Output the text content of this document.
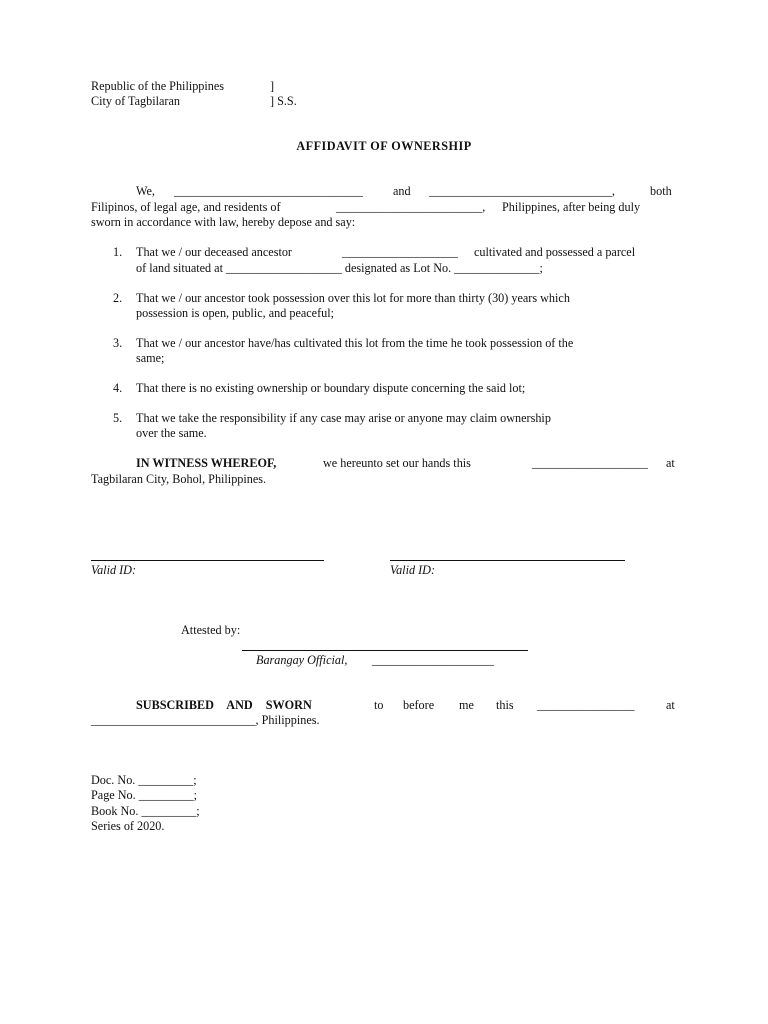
Republic of the Philippines	]
City of Tagbilaran	] S.S.
AFFIDAVIT OF OWNERSHIP
We, _______________________________ and ______________________________,	both
Filipinos, of legal age, and residents of	________________________, Philippines, after being duly
sworn in accordance with law, hereby depose and say:
1. That we / our deceased ancestor	___________________ cultivated and possessed a parcel
of land situated at ___________________ designated as Lot No. ______________;
2. That we / our ancestor took possession over this lot for more than thirty (30) years which
possession is open, public, and peaceful;
3. That we / our ancestor have/has cultivated this lot from the time he took possession of the
same;
4. That there is no existing ownership or boundary dispute concerning the said lot;
5. That we take the responsibility if any case may arise or anyone may claim ownership
over the same.
IN WITNESS WHEREOF,	we hereunto set our hands this	___________________ at
Tagbilaran City, Bohol, Philippines.
Valid ID:	Valid ID:
Attested by:
Barangay Official, ____________________
SUBSCRIBED AND SWORN	to before me this ________________	at
___________________________, Philippines.
Doc. No. _________;
Page No. _________;
Book No. _________;
Series of 2020.
